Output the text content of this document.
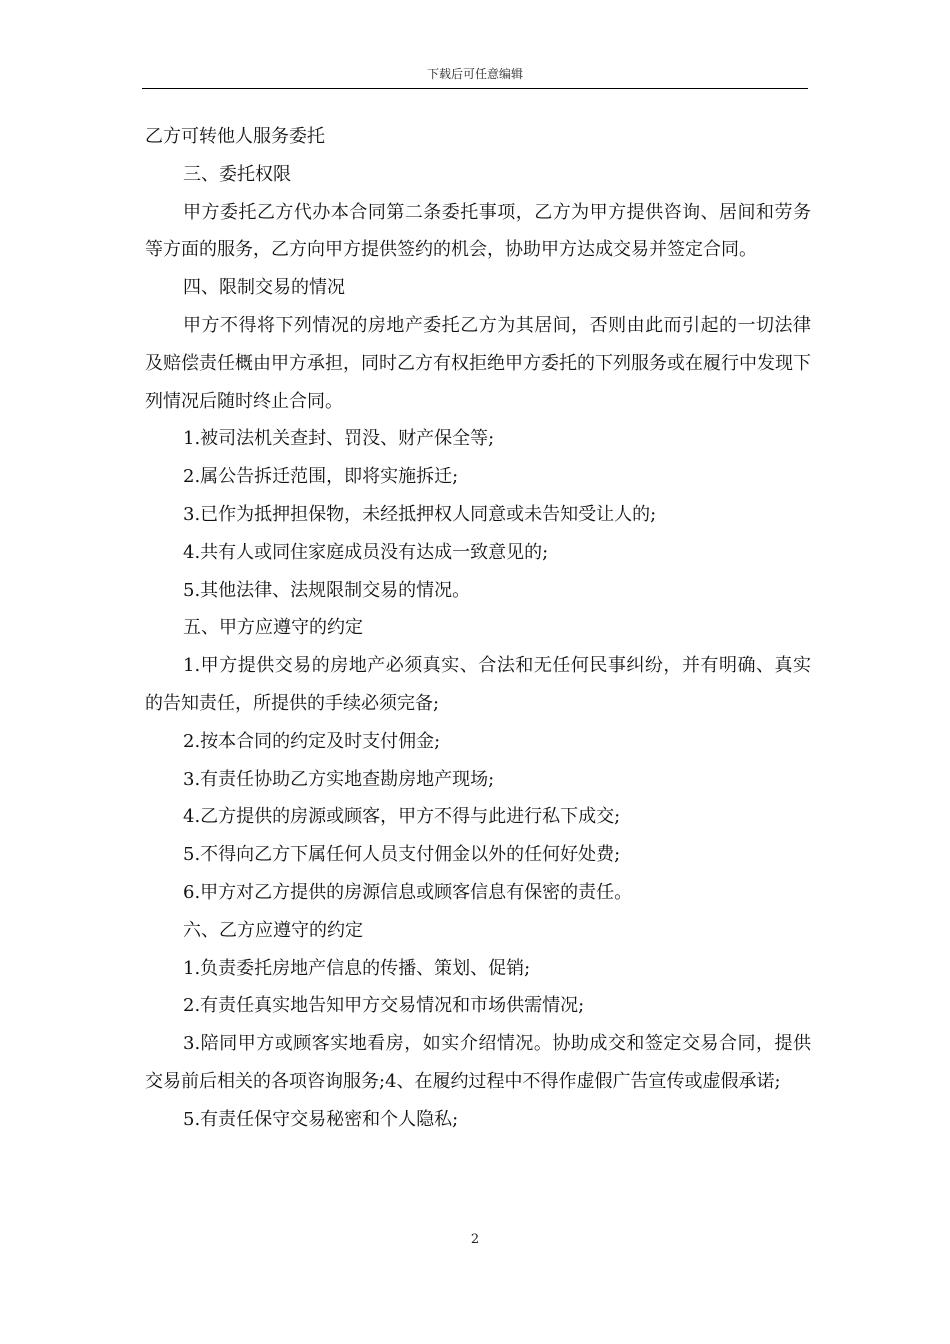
下载后可任意编辑

乙方可转他人服务委托

三、委托权限

甲方委托乙方代办本合同第二条委托事项，乙方为甲方提供咨询、居间和劳务等方面的服务，乙方向甲方提供签约的机会，协助甲方达成交易并签定合同。

四、限制交易的情况

甲方不得将下列情况的房地产委托乙方为其居间，否则由此而引起的一切法律及赔偿责任概由甲方承担，同时乙方有权拒绝甲方委托的下列服务或在履行中发现下列情况后随时终止合同。

1.被司法机关查封、罚没、财产保全等;

2.属公告拆迁范围，即将实施拆迁;

3.已作为抵押担保物，未经抵押权人同意或未告知受让人的;

4.共有人或同住家庭成员没有达成一致意见的;

5.其他法律、法规限制交易的情况。

五、甲方应遵守的约定

1.甲方提供交易的房地产必须真实、合法和无任何民事纠纷，并有明确、真实的告知责任，所提供的手续必须完备;

2.按本合同的约定及时支付佣金;

3.有责任协助乙方实地查勘房地产现场;

4.乙方提供的房源或顾客，甲方不得与此进行私下成交;

5.不得向乙方下属任何人员支付佣金以外的任何好处费;

6.甲方对乙方提供的房源信息或顾客信息有保密的责任。

六、乙方应遵守的约定

1.负责委托房地产信息的传播、策划、促销;

2.有责任真实地告知甲方交易情况和市场供需情况;

3.陪同甲方或顾客实地看房，如实介绍情况。协助成交和签定交易合同，提供交易前后相关的各项咨询服务;4、在履约过程中不得作虚假广告宣传或虚假承诺;

5.有责任保守交易秘密和个人隐私;

2
